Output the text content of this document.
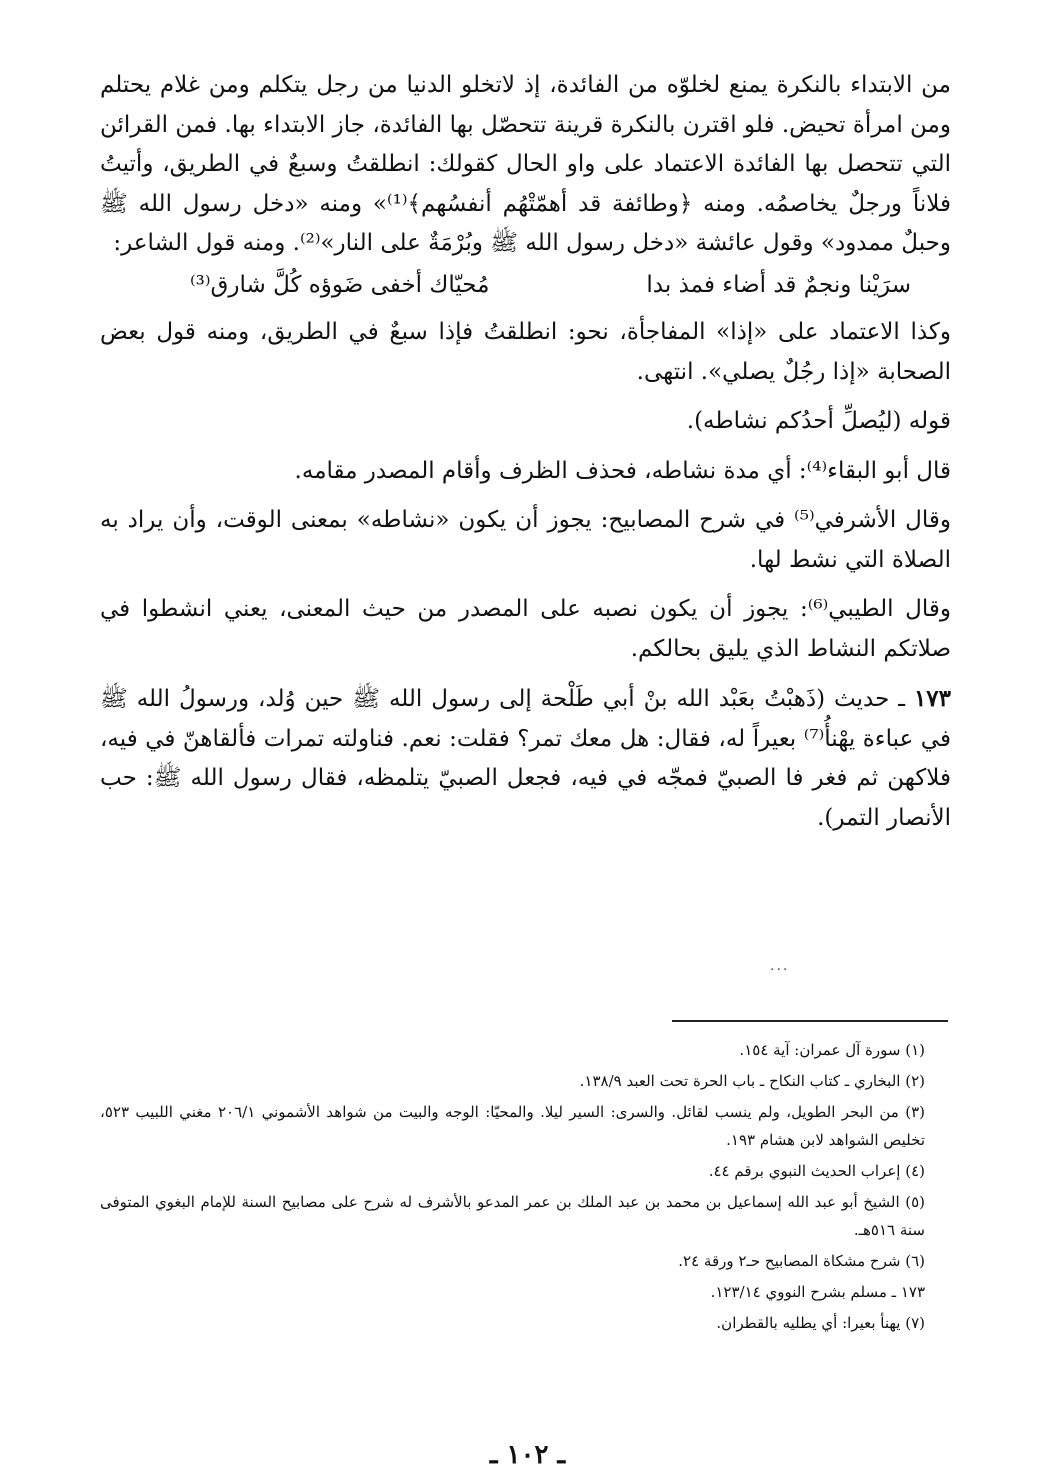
من الابتداء بالنكرة يمنع لخلوّه من الفائدة، إذ لاتخلو الدنيا من رجل يتكلم ومن غلام يحتلم ومن امرأة تحيض. فلو اقترن بالنكرة قرينة تتحصّل بها الفائدة، جاز الابتداء بها. فمن القرائن التي تتحصل بها الفائدة الاعتماد على واو الحال كقولك: انطلقتُ وسبعٌ في الطريق، وأتيتُ فلاناً ورجلٌ يخاصمُه. ومنه ﴿وطائفة قد أهمّتْهُم أنفسُهم﴾⁽¹⁾» ومنه «دخل رسول الله ﷺ وحبلٌ ممدود» وقول عائشة «دخل رسول الله ﷺ وبُرْمَةٌ على النار»⁽²⁾. ومنه قول الشاعر:

سرَيْنا ونجمٌ قد أضاء فمذ بدا
مُحيّاك أخفى ضَوؤه كُلَّ شارق⁽³⁾

وكذا الاعتماد على «إذا» المفاجأة، نحو: انطلقتُ فإذا سبعٌ في الطريق، ومنه قول بعض الصحابة «إذا رجُلٌ يصلي». انتهى.

قوله (ليُصلِّ أحدُكم نشاطه).

قال أبو البقاء⁽⁴⁾: أي مدة نشاطه، فحذف الظرف وأقام المصدر مقامه.

وقال الأشرفي⁽⁵⁾ في شرح المصابيح: يجوز أن يكون «نشاطه» بمعنى الوقت، وأن يراد به الصلاة التي نشط لها.

وقال الطيبي⁽⁶⁾: يجوز أن يكون نصبه على المصدر من حيث المعنى، يعني انشطوا في صلاتكم النشاط الذي يليق بحالكم.

١٧٣ ـ حديث (ذَهبْتُ بعَبْد الله بنْ أبي طَلْحة إلى رسول الله ﷺ حين وُلد، ورسولُ الله ﷺ في عباءة يهْنأُ⁽⁷⁾ بعيراً له، فقال: هل معك تمر؟ فقلت: نعم. فناولته تمرات فألقاهنّ في فيه، فلاكهن ثم فغر فا الصبيّ فمجّه في فيه، فجعل الصبيّ يتلمظه، فقال رسول الله ﷺ: حب الأنصار التمر).

...

(١) سورة آل عمران: آية ١٥٤.

(٢) البخاري ـ كتاب النكاح ـ باب الحرة تحت العبد ١٣٨/٩.

(٣) من البحر الطويل، ولم ينسب لقائل. والسرى: السير ليلا. والمحيّا: الوجه والبيت من شواهد الأشموني ٢٠٦/١ مغني اللبيب ٥٢٣، تخليص الشواهد لابن هشام ١٩٣.

(٤) إعراب الحديث النبوي برقم ٤٤.

(٥) الشيخ أبو عبد الله إسماعيل بن محمد بن عبد الملك بن عمر المدعو بالأشرف له شرح على مصابيح السنة للإمام البغوي المتوفى سنة ٥١٦هـ.

(٦) شرح مشكاة المصابيح حـ٢ ورقة ٢٤.

١٧٣ ـ مسلم بشرح النووي ١٢٣/١٤.

(٧) يهنأ بعيرا: أي يطليه بالقطران.

ـ ١٠٢ ـ
